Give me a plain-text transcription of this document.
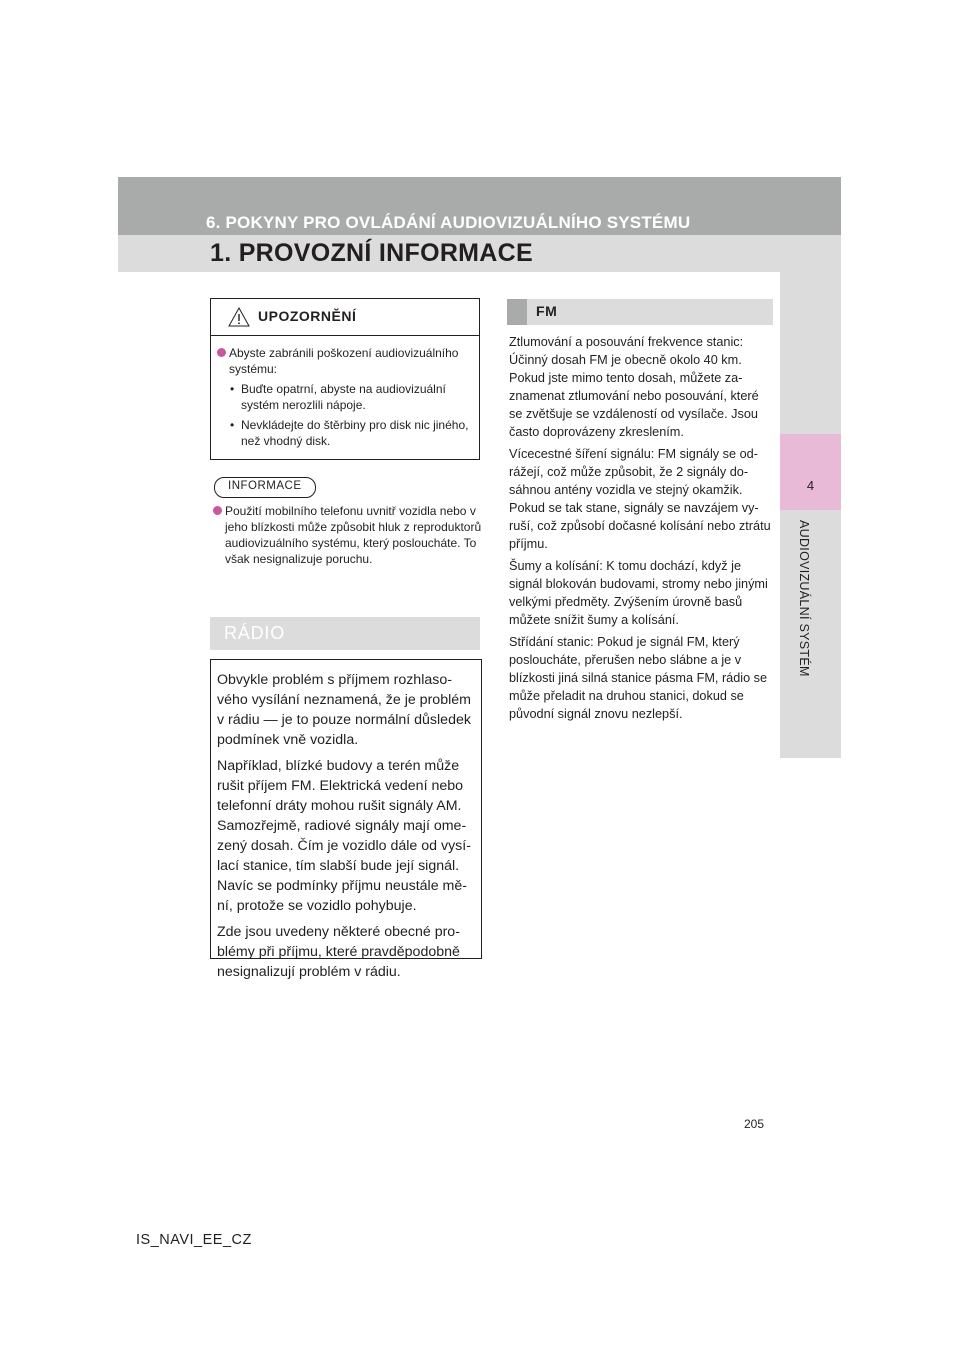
6. POKYNY PRO OVLÁDÁNÍ AUDIOVIZUÁLNÍHO SYSTÉMU
1. PROVOZNÍ INFORMACE
4
AUDIOVIZUÁLNÍ SYSTÉM
UPOZORNĚNÍ
Abyste zabránili poškození audiovizuálního systému:
• Buďte opatrní, abyste na audiovizuální systém nerozlili nápoje.
• Nevkládejte do štěrbiny pro disk nic jiného, než vhodný disk.
INFORMACE
Použití mobilního telefonu uvnitř vozidla nebo v jeho blízkosti může způsobit hluk z reproduktorů audiovizuálního systému, který posloucháte. To však nesignalizuje poruchu.
RÁDIO

Obvykle problém s příjmem rozhlasového vysílání neznamená, že je problém v rádiu — je to pouze normální důsledek podmínek vně vozidla.

Například, blízké budovy a terén může rušit příjem FM. Elektrická vedení nebo telefonní dráty mohou rušit signály AM. Samozřejmě, radiové signály mají omezený dosah. Čím je vozidlo dále od vysílací stanice, tím slabší bude její signál. Navíc se podmínky příjmu neustále mění, protože se vozidlo pohybuje.

Zde jsou uvedeny některé obecné problémy při příjmu, které pravděpodobně nesignalizují problém v rádiu.

FM

Ztlumování a posouvání frekvence stanic: Účinný dosah FM je obecně okolo 40 km. Pokud jste mimo tento dosah, můžete zaznamenat ztlumování nebo posouvání, které se zvětšuje se vzdáleností od vysílače. Jsou často doprovázeny zkreslením.

Vícecestné šíření signálu: FM signály se odrážejí, což může způsobit, že 2 signály dosáhnou antény vozidla ve stejný okamžik. Pokud se tak stane, signály se navzájem vyruší, což způsobí dočasné kolísání nebo ztrátu příjmu.

Šumy a kolísání: K tomu dochází, když je signál blokován budovami, stromy nebo jinými velkými předměty. Zvýšením úrovně basů můžete snížit šumy a kolísání.

Střídání stanic: Pokud je signál FM, který posloucháte, přerušen nebo slábne a je v blízkosti jiná silná stanice pásma FM, rádio se může přeladit na druhou stanici, dokud se původní signál znovu nezlepší.

205
IS_NAVI_EE_CZ
